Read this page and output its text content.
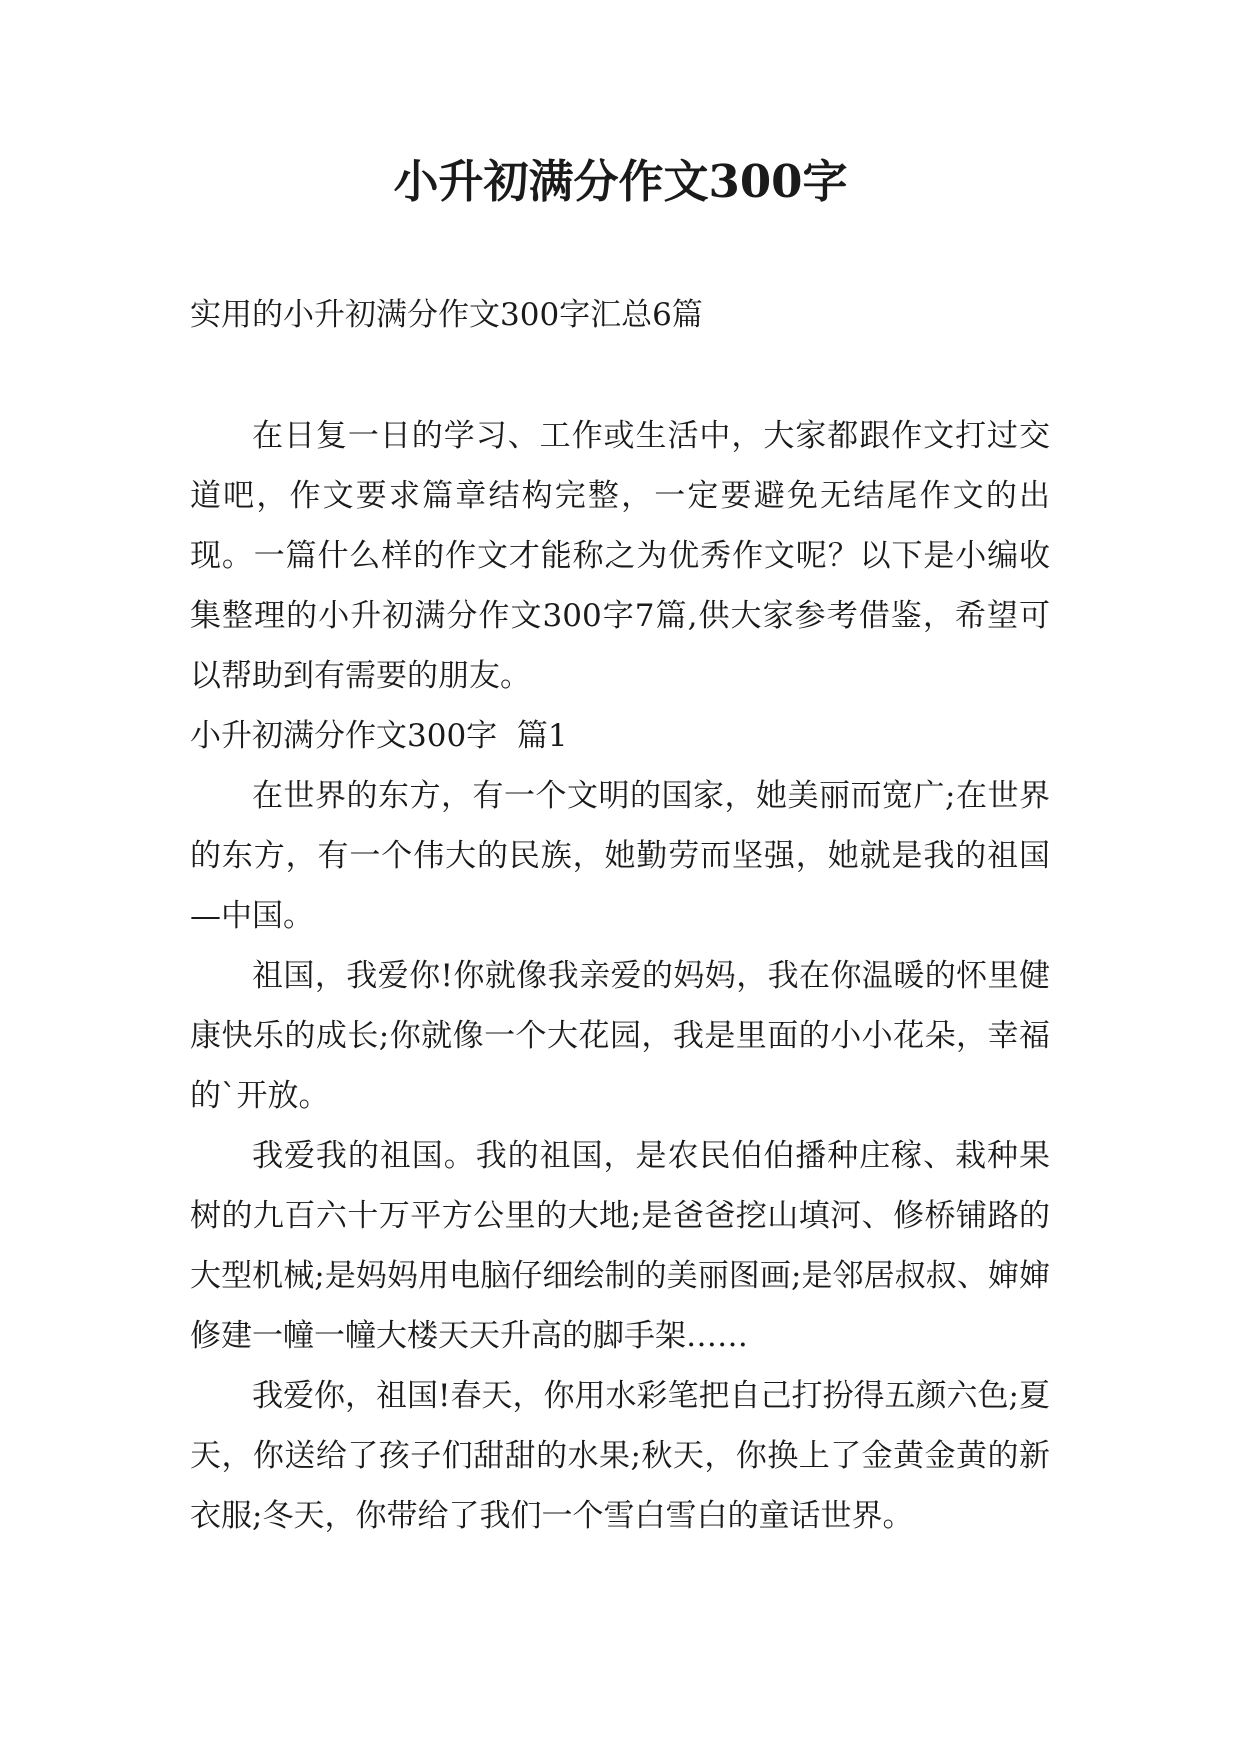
小升初满分作文300字
实用的小升初满分作文300字汇总6篇

在日复一日的学习、工作或生活中，大家都跟作文打过交道吧，作文要求篇章结构完整，一定要避免无结尾作文的出现。一篇什么样的作文才能称之为优秀作文呢？以下是小编收集整理的小升初满分作文300字7篇,供大家参考借鉴，希望可以帮助到有需要的朋友。

小升初满分作文300字  篇1

在世界的东方，有一个文明的国家，她美丽而宽广;在世界的东方，有一个伟大的民族，她勤劳而坚强，她就是我的祖国—中国。

祖国，我爱你!你就像我亲爱的妈妈，我在你温暖的怀里健康快乐的成长;你就像一个大花园，我是里面的小小花朵，幸福的`开放。

我爱我的祖国。我的祖国，是农民伯伯播种庄稼、栽种果树的九百六十万平方公里的大地;是爸爸挖山填河、修桥铺路的大型机械;是妈妈用电脑仔细绘制的美丽图画;是邻居叔叔、婶婶修建一幢一幢大楼天天升高的脚手架……

我爱你，祖国!春天，你用水彩笔把自己打扮得五颜六色;夏天，你送给了孩子们甜甜的水果;秋天，你换上了金黄金黄的新衣服;冬天，你带给了我们一个雪白雪白的童话世界。
